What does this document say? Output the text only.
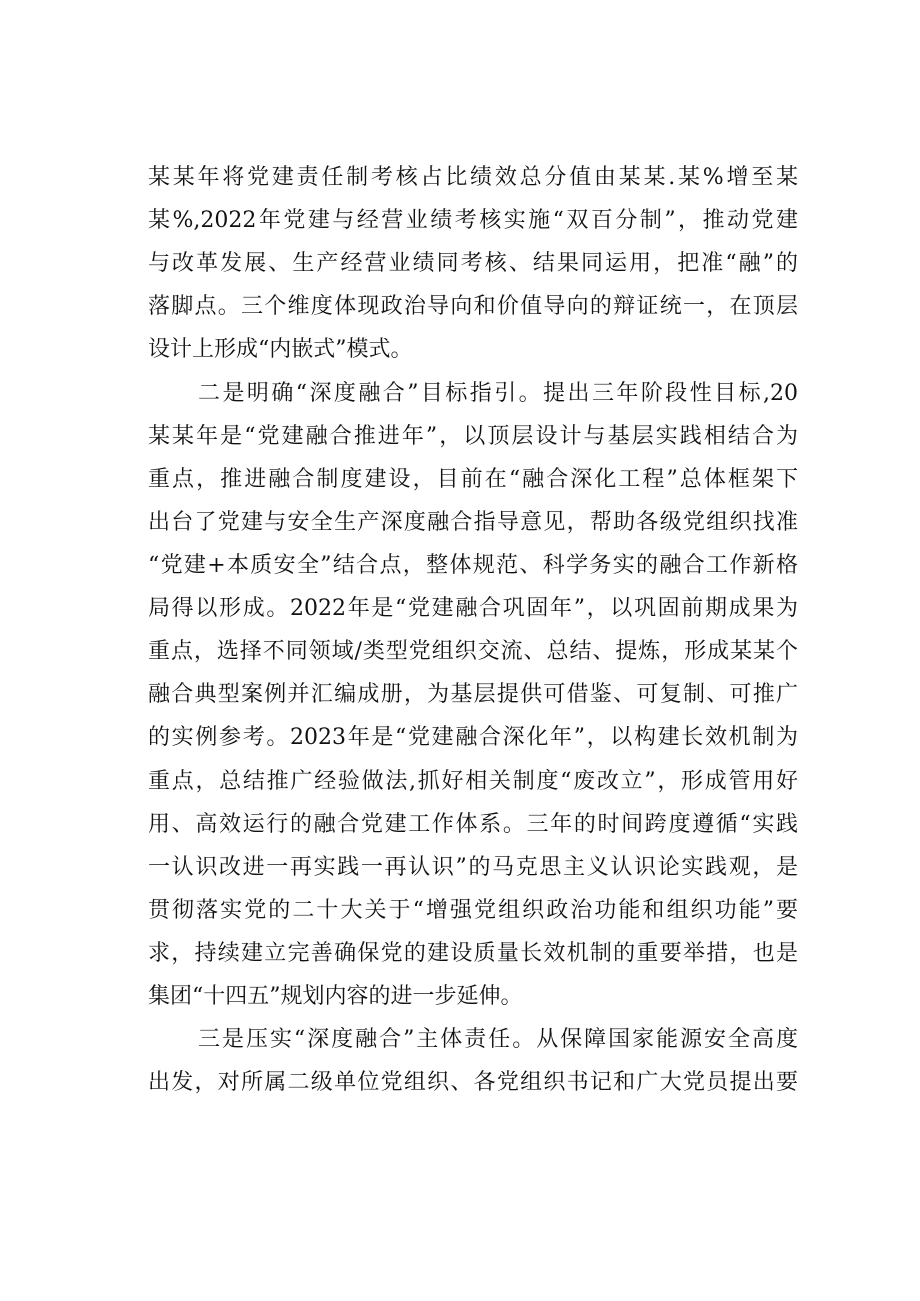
某某年将党建责任制考核占比绩效总分值由某某.某%增至某
某%,2022年党建与经营业绩考核实施“双百分制”，推动党建
与改革发展、生产经营业绩同考核、结果同运用，把准“融”的
落脚点。三个维度体现政治导向和价值导向的辩证统一，在顶层
设计上形成“内嵌式”模式。
二是明确“深度融合”目标指引。提出三年阶段性目标,20
某某年是“党建融合推进年”，以顶层设计与基层实践相结合为
重点，推进融合制度建设，目前在“融合深化工程”总体框架下
出台了党建与安全生产深度融合指导意见，帮助各级党组织找准
“党建+本质安全”结合点，整体规范、科学务实的融合工作新格
局得以形成。2022年是“党建融合巩固年”，以巩固前期成果为
重点，选择不同领域/类型党组织交流、总结、提炼，形成某某个
融合典型案例并汇编成册，为基层提供可借鉴、可复制、可推广
的实例参考。2023年是“党建融合深化年”，以构建长效机制为
重点，总结推广经验做法,抓好相关制度“废改立”，形成管用好
用、高效运行的融合党建工作体系。三年的时间跨度遵循“实践
一认识改进一再实践一再认识”的马克思主义认识论实践观，是
贯彻落实党的二十大关于“增强党组织政治功能和组织功能”要
求，持续建立完善确保党的建设质量长效机制的重要举措，也是
集团“十四五”规划内容的进一步延伸。
三是压实“深度融合”主体责任。从保障国家能源安全高度
出发，对所属二级单位党组织、各党组织书记和广大党员提出要
